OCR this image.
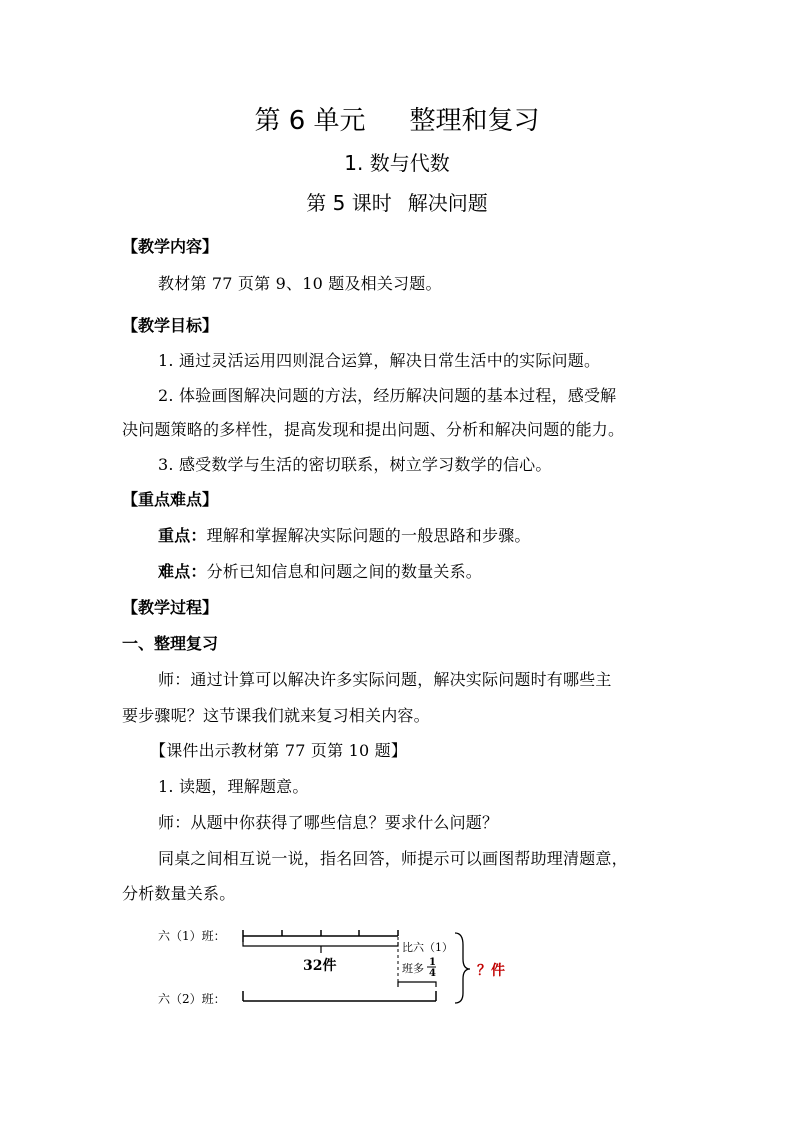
第 6 单元 整理和复习
1. 数与代数
第 5 课时 解决问题
【教学内容】
教材第 77 页第 9、10 题及相关习题。
【教学目标】
1. 通过灵活运用四则混合运算，解决日常生活中的实际问题。
2. 体验画图解决问题的方法，经历解决问题的基本过程，感受解
决问题策略的多样性，提高发现和提出问题、分析和解决问题的能力。
3. 感受数学与生活的密切联系，树立学习数学的信心。
【重点难点】
重点：理解和掌握解决实际问题的一般思路和步骤。
难点：分析已知信息和问题之间的数量关系。
【教学过程】
一、整理复习
师：通过计算可以解决许多实际问题，解决实际问题时有哪些主
要步骤呢？这节课我们就来复习相关内容。
【课件出示教材第 77 页第 10 题】
1. 读题，理解题意。
师：从题中你获得了哪些信息？要求什么问题？
同桌之间相互说一说，指名回答，师提示可以画图帮助理清题意，
分析数量关系。
六（1）班：
32件
比六（1）
班多 1
4
六（2）班：
？件
